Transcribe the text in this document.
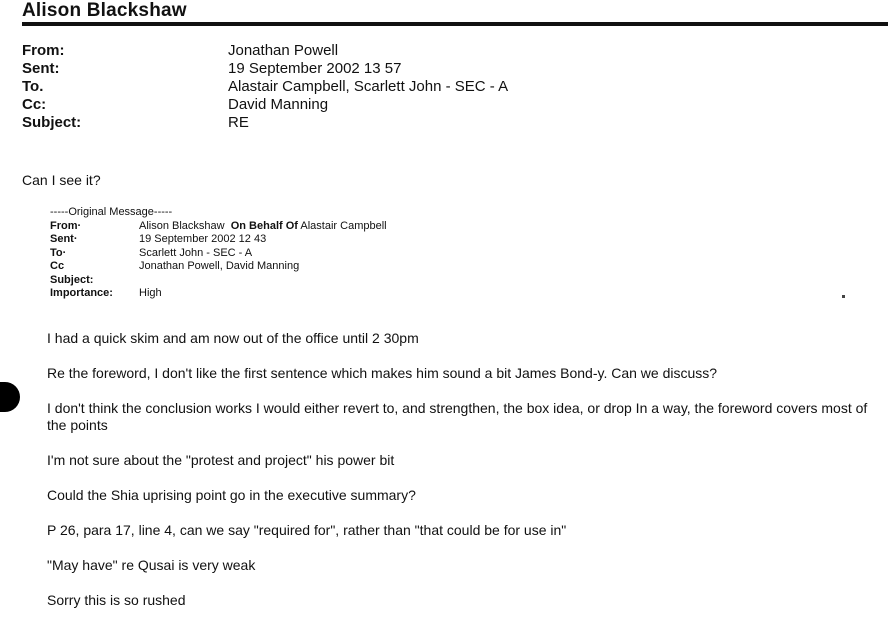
Alison Blackshaw
From:	Jonathan Powell
Sent:	19 September 2002 13 57
To.	Alastair Campbell, Scarlett John - SEC - A
Cc:	David Manning
Subject:	RE
Can I see it?
-----Original Message-----
From·	Alison Blackshaw On Behalf Of Alastair Campbell
Sent·	19 September 2002 12 43
To·	Scarlett John - SEC - A
Cc	Jonathan Powell, David Manning
Subject:
Importance:	High

I had a quick skim and am now out of the office until 2 30pm

Re the foreword, I don't like the first sentence which makes him sound a bit James Bond-y. Can we discuss?

I don't think the conclusion works I would either revert to, and strengthen, the box idea, or drop In a way, the foreword covers most of the points

I'm not sure about the "protest and project" his power bit

Could the Shia uprising point go in the executive summary?

P 26, para 17, line 4, can we say "required for", rather than "that could be for use in"

"May have" re Qusai is very weak

Sorry this is so rushed
